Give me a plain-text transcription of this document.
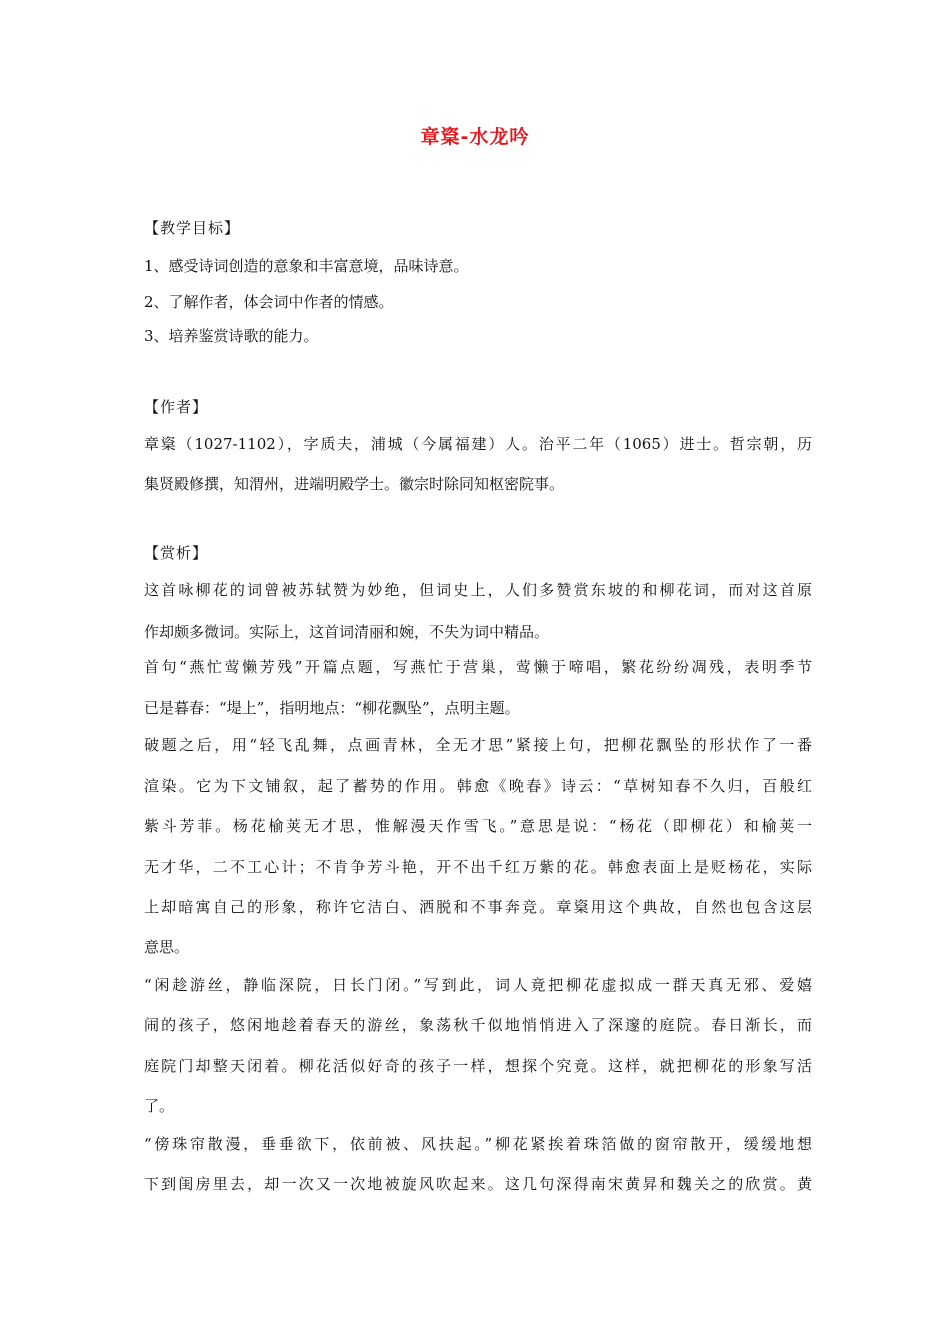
章楶-水龙吟
【教学目标】
1、感受诗词创造的意象和丰富意境，品味诗意。
2、了解作者，体会词中作者的情感。
3、培养鉴赏诗歌的能力。
【作者】
章楶（1027-1102），字质夫，浦城（今属福建）人。治平二年（1065）进士。哲宗朝，历
集贤殿修撰，知渭州，进端明殿学士。徽宗时除同知枢密院事。
【赏析】
这首咏柳花的词曾被苏轼赞为妙绝，但词史上，人们多赞赏东坡的和柳花词，而对这首原
作却颇多微词。实际上，这首词清丽和婉，不失为词中精品。
首句“燕忙莺懒芳残”开篇点题，写燕忙于营巢，莺懒于啼唱，繁花纷纷凋残，表明季节
已是暮春：“堤上”，指明地点：“柳花飘坠”，点明主题。
破题之后，用“轻飞乱舞，点画青林，全无才思”紧接上句，把柳花飘坠的形状作了一番
渲染。它为下文铺叙，起了蓄势的作用。韩愈《晚春》诗云：“草树知春不久归，百般红
紫斗芳菲。杨花榆荚无才思，惟解漫天作雪飞。”意思是说：“杨花（即柳花）和榆荚一
无才华，二不工心计；不肯争芳斗艳，开不出千红万紫的花。韩愈表面上是贬杨花，实际
上却暗寓自己的形象，称许它洁白、洒脱和不事奔竞。章楶用这个典故，自然也包含这层
意思。
“闲趁游丝，静临深院，日长门闭。”写到此，词人竟把柳花虚拟成一群天真无邪、爱嬉
闹的孩子，悠闲地趁着春天的游丝，象荡秋千似地悄悄进入了深邃的庭院。春日渐长，而
庭院门却整天闭着。柳花活似好奇的孩子一样，想探个究竟。这样，就把柳花的形象写活
了。
“傍珠帘散漫，垂垂欲下，依前被、风扶起。”柳花紧挨着珠箔做的窗帘散开，缓缓地想
下到闺房里去，却一次又一次地被旋风吹起来。这几句深得南宋黄昇和魏关之的欣赏。黄
